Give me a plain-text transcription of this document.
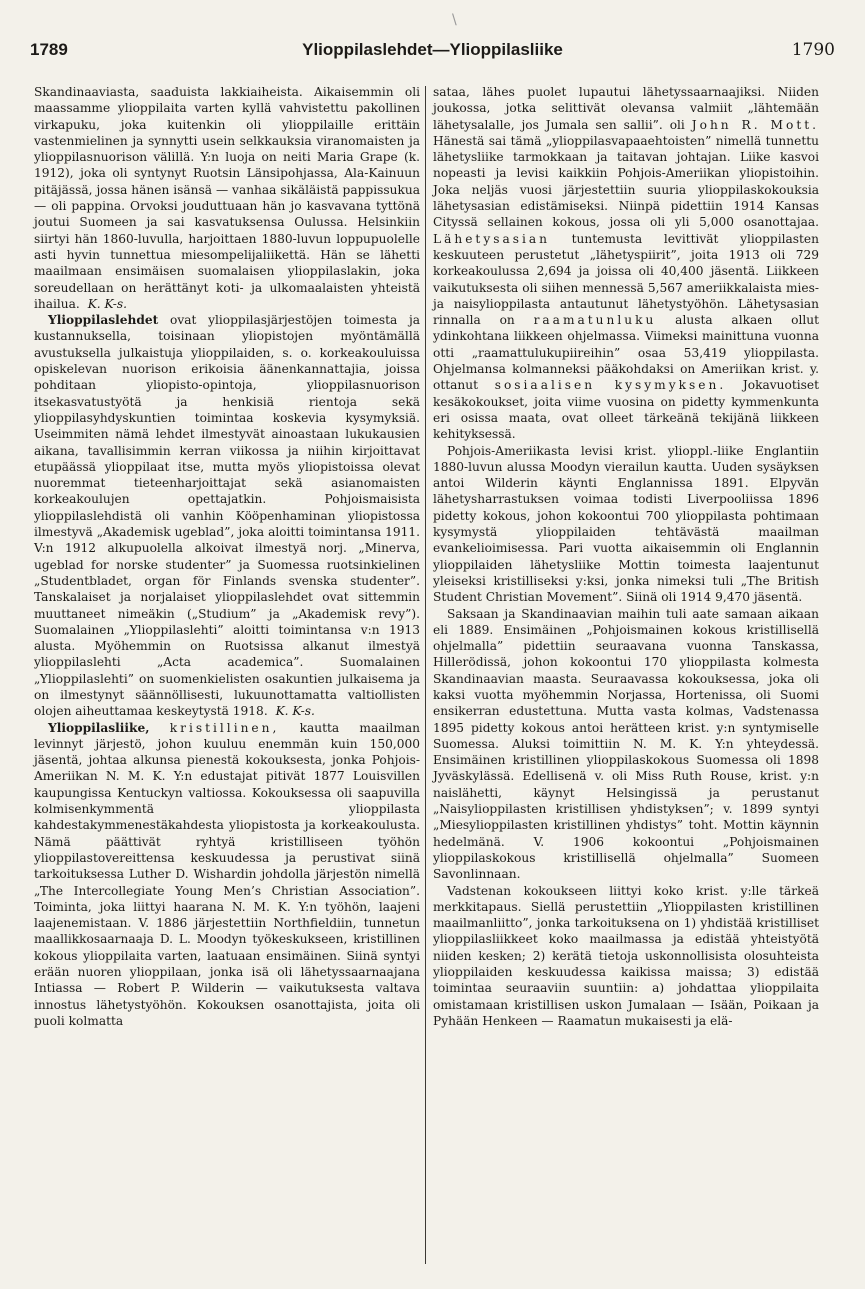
\
1789	Ylioppilaslehdet—Ylioppilasliike	1790

Skandinaaviasta, saaduista lakkiaiheista. Aikaisemmin oli maassamme ylioppilaita varten kyllä vahvistettu pakollinen virkapuku, joka kuitenkin oli ylioppilaille erittäin vastenmielinen ja synnytti usein selkkauksia viranomaisten ja ylioppilasnuorison välillä. Y:n luoja on neiti Maria Grape (k. 1912), joka oli syntynyt Ruotsin Länsipohjassa, Ala-Kainuun pitäjässä, jossa hänen isänsä — vanhaa sikäläistä pappissukua — oli pappina. Orvoksi jouduttuaan hän jo kasvavana tyttönä joutui Suomeen ja sai kasvatuksensa Oulussa. Helsinkiin siirtyi hän 1860-luvulla, harjoittaen 1880-luvun loppupuolelle asti hyvin tunnettua miesompelijaliikettä. Hän se lähetti maailmaan ensimäisen suomalaisen ylioppilaslakin, joka soreudellaan on herättänyt koti- ja ulkomaalaisten yhteistä ihailua. K. K-s.

Ylioppilaslehdet ovat ylioppilasjärjestöjen toimesta ja kustannuksella, toisinaan yliopistojen myöntämällä avustuksella julkaistuja ylioppilaiden, s. o. korkeakouluissa opiskelevan nuorison erikoisia äänenkannattajia, joissa pohditaan yliopisto-opintoja, ylioppilasnuorison itsekasvatustyötä ja henkisiä rientoja sekä ylioppilasyhdyskuntien toimintaa koskevia kysymyksiä. Useimmiten nämä lehdet ilmestyvät ainoastaan lukukausien aikana, tavallisimmin kerran viikossa ja niihin kirjoittavat etupäässä ylioppilaat itse, mutta myös yliopistoissa olevat nuoremmat tieteenharjoittajat sekä asianomaisten korkeakoulujen opettajatkin. Pohjoismaisista ylioppilaslehdistä oli vanhin Kööpenhaminan yliopistossa ilmestyvä „Akademisk ugeblad”, joka aloitti toimintansa 1911. V:n 1912 alkupuolella alkoivat ilmestyä norj. „Minerva, ugeblad for norske studenter” ja Suomessa ruotsinkielinen „Studentbladet, organ för Finlands svenska studenter”. Tanskalaiset ja norjalaiset ylioppilaslehdet ovat sittemmin muuttaneet nimeäkin („Studium” ja „Akademisk revy”). Suomalainen „Ylioppilaslehti” aloitti toimintansa v:n 1913 alusta. Myöhemmin on Ruotsissa alkanut ilmestyä ylioppilaslehti „Acta academica”. Suomalainen „Ylioppilaslehti” on suomenkielisten osakuntien julkaisema ja on ilmestynyt säännöllisesti, lukuunottamatta valtiollisten olojen aiheuttamaa keskeytystä 1918. K. K-s.

Ylioppilasliike, kristillinen, kautta maailman levinnyt järjestö, johon kuuluu enemmän kuin 150,000 jäsentä, johtaa alkunsa pienestä kokouksesta, jonka Pohjois-Ameriikan N. M. K. Y:n edustajat pitivät 1877 Louisvillen kaupungissa Kentuckyn valtiossa. Kokouksessa oli saapuvilla kolmisenkymmentä ylioppilasta kahdestakymmenestäkahdesta yliopistosta ja korkeakoulusta. Nämä päättivät ryhtyä kristilliseen työhön ylioppilastovereittensa keskuudessa ja perustivat siinä tarkoituksessa Luther D. Wishardin johdolla järjestön nimellä „The Intercollegiate Young Men’s Christian Association”. Toiminta, joka liittyi haarana N. M. K. Y:n työhön, laajeni laajenemistaan. V. 1886 järjestettiin Northfieldiin, tunnetun maallikkosaarnaaja D. L. Moodyn työkeskukseen, kristillinen kokous ylioppilaita varten, laatuaan ensimäinen. Siinä syntyi erään nuoren ylioppilaan, jonka isä oli lähetyssaarnaajana Intiassa — Robert P. Wilderin — vaikutuksesta valtava innostus lähetystyöhön. Kokouksen osanottajista, joita oli puoli kolmatta

sataa, lähes puolet lupautui lähetyssaarnaajiksi. Niiden joukossa, jotka selittivät olevansa valmiit „lähtemään lähetysalalle, jos Jumala sen sallii”. oli John R. Mott. Hänestä sai tämä „ylioppilasvapaaehtoisten” nimellä tunnettu lähetysliike tarmokkaan ja taitavan johtajan. Liike kasvoi nopeasti ja levisi kaikkiin Pohjois-Ameriikan yliopistoihin. Joka neljäs vuosi järjestettiin suuria ylioppilaskokouksia lähetysasian edistämiseksi. Niinpä pidettiin 1914 Kansas Cityssä sellainen kokous, jossa oli yli 5,000 osanottajaa. Lähetysasian tuntemusta levittivät ylioppilasten keskuuteen perustetut „lähetyspiirit”, joita 1913 oli 729 korkeakoulussa 2,694 ja joissa oli 40,400 jäsentä. Liikkeen vaikutuksesta oli siihen mennessä 5,567 ameriikkalaista mies- ja naisylioppilasta antautunut lähetystyöhön. Lähetysasian rinnalla on raamatunluku alusta alkaen ollut ydinkohtana liikkeen ohjelmassa. Viimeksi mainittuna vuonna otti „raamattulukupiireihin” osaa 53,419 ylioppilasta. Ohjelmansa kolmanneksi pääkohdaksi on Ameriikan krist. y. ottanut sosiaalisen kysymyksen. Jokavuotiset kesäkokoukset, joita viime vuosina on pidetty kymmenkunta eri osissa maata, ovat olleet tärkeänä tekijänä liikkeen kehityksessä.

Pohjois-Ameriikasta levisi krist. ylioppl.-liike Englantiin 1880-luvun alussa Moodyn vierailun kautta. Uuden sysäyksen antoi Wilderin käynti Englannissa 1891. Elpyvän lähetysharrastuksen voimaa todisti Liverpooliissa 1896 pidetty kokous, johon kokoontui 700 ylioppilasta pohtimaan kysymystä ylioppilaiden tehtävästä maailman evankelioimisessa. Pari vuotta aikaisemmin oli Englannin ylioppilaiden lähetysliike Mottin toimesta laajentunut yleiseksi kristilliseksi y:ksi, jonka nimeksi tuli „The British Student Christian Movement”. Siinä oli 1914 9,470 jäsentä.

Saksaan ja Skandinaavian maihin tuli aate samaan aikaan eli 1889. Ensimäinen „Pohjoismainen kokous kristillisellä ohjelmalla” pidettiin seuraavana vuonna Tanskassa, Hillerödissä, johon kokoontui 170 ylioppilasta kolmesta Skandinaavian maasta. Seuraavassa kokouksessa, joka oli kaksi vuotta myöhemmin Norjassa, Hortenissa, oli Suomi ensikerran edustettuna. Mutta vasta kolmas, Vadstenassa 1895 pidetty kokous antoi herätteen krist. y:n syntymiselle Suomessa. Aluksi toimittiin N. M. K. Y:n yhteydessä. Ensimäinen kristillinen ylioppilaskokous Suomessa oli 1898 Jyväskylässä. Edellisenä v. oli Miss Ruth Rouse, krist. y:n naislähetti, käynyt Helsingissä ja perustanut „Naisylioppilasten kristillisen yhdistyksen”; v. 1899 syntyi „Miesylioppilasten kristillinen yhdistys” toht. Mottin käynnin hedelmänä. V. 1906 kokoontui „Pohjoismainen ylioppilaskokous kristillisellä ohjelmalla” Suomeen Savonlinnaan.

Vadstenan kokoukseen liittyi koko krist. y:lle tärkeä merkkitapaus. Siellä perustettiin „Ylioppilasten kristillinen maailmanliitto”, jonka tarkoituksena on 1) yhdistää kristilliset ylioppilasliikkeet koko maailmassa ja edistää yhteistyötä niiden kesken; 2) kerätä tietoja uskonnollisista olosuhteista ylioppilaiden keskuudessa kaikissa maissa; 3) edistää toimintaa seuraaviin suuntiin: a) johdattaa ylioppilaita omistamaan kristillisen uskon Jumalaan — Isään, Poikaan ja Pyhään Henkeen — Raamatun mukaisesti ja elä-
